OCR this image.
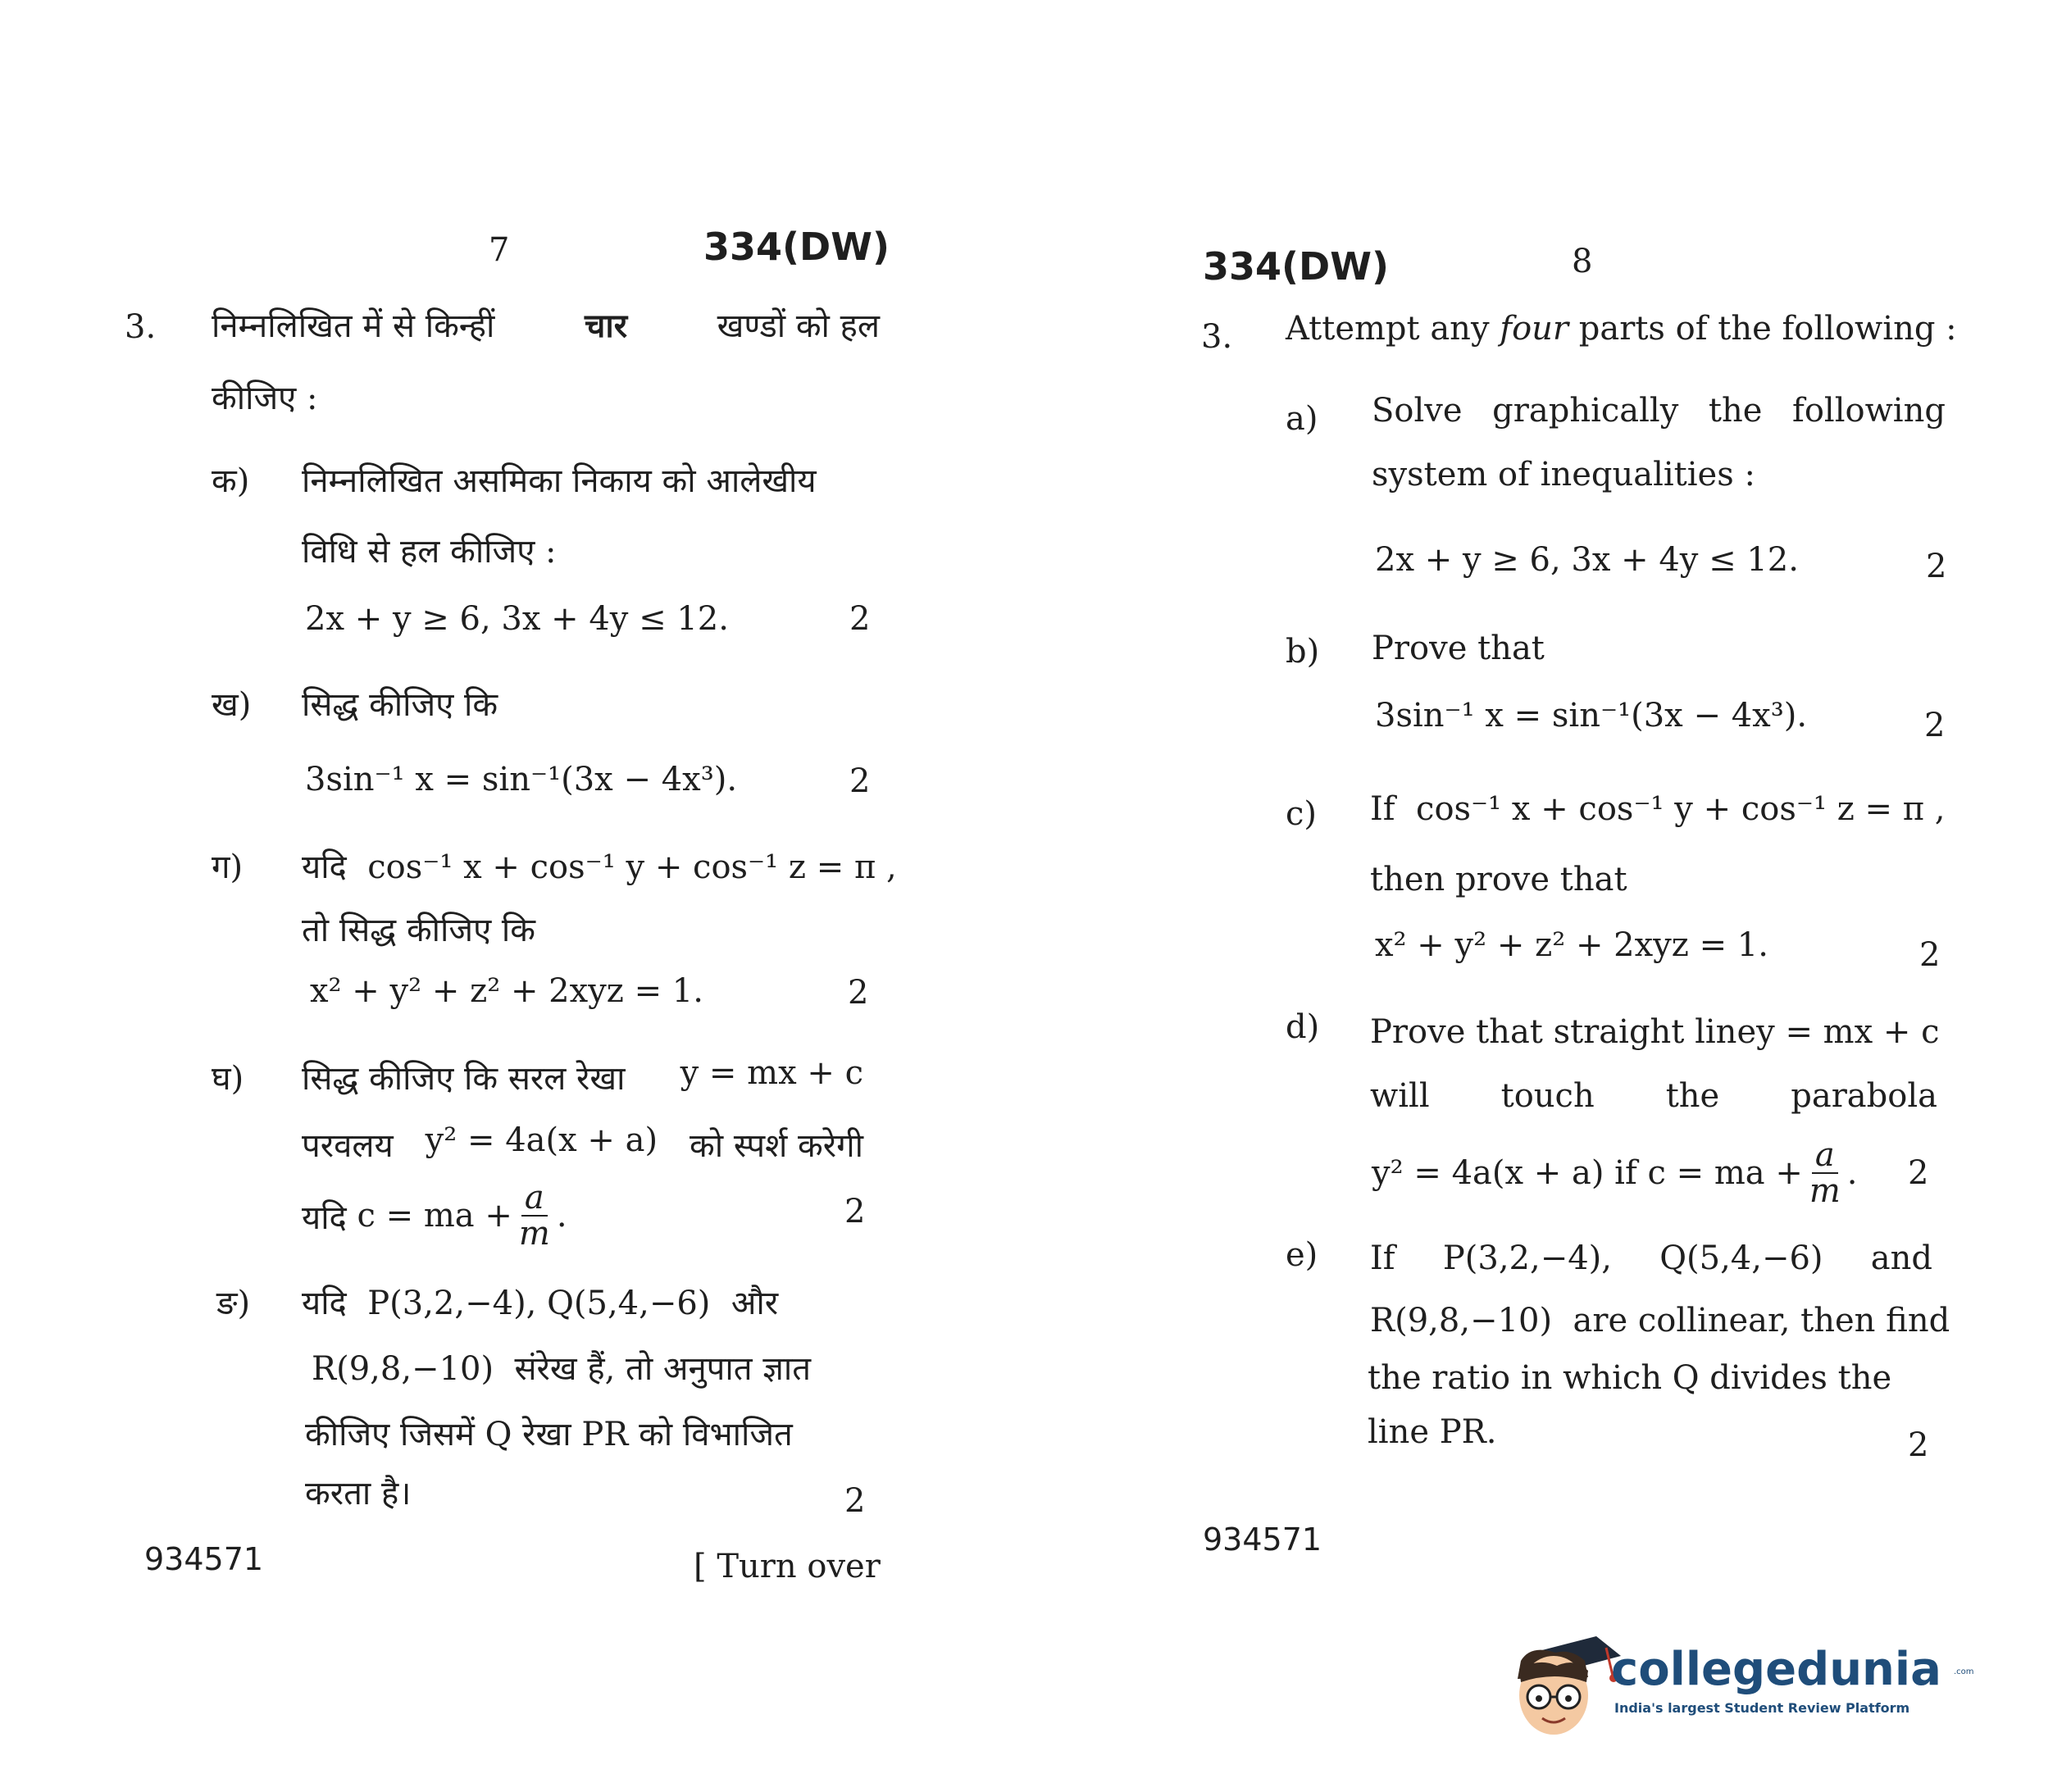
7	334(DW)
3. निम्नलिखित में से किन्हीं	चार	खण्डों को हल
कीजिए :
क) निम्नलिखित असमिका निकाय को आलेखीय
विधि से हल कीजिए :
2x + y ≥ 6, 3x + 4y ≤ 12.	2
ख) सिद्ध कीजिए कि
3sin⁻¹ x = sin⁻¹(3x − 4x³).	2
ग) यदि cos⁻¹ x + cos⁻¹ y + cos⁻¹ z = π ,
तो सिद्ध कीजिए कि
x² + y² + z² + 2xyz = 1.	2
घ) सिद्ध कीजिए कि सरल रेखा y = mx + c
परवलय y² = 4a(x + a) को स्पर्श करेगी
यदि
c = ma + $\frac{a}{m}$ .	2
ङ) यदि P(3,2,−4), Q(5,4,−6) और
R(9,8,−10) संरेख हैं, तो अनुपात ज्ञात
कीजिए जिसमें Q रेखा PR को विभाजित
करता है।	2
934571	[ Turn over
334(DW)	8
3. Attempt any four parts of the following :
a) Solve graphically the following
system of inequalities :
2x + y ≥ 6, 3x + 4y ≤ 12.	2
b) Prove that
3sin⁻¹ x = sin⁻¹(3x − 4x³).	2
c) If cos⁻¹ x + cos⁻¹ y + cos⁻¹ z = π ,
then prove that
x² + y² + z² + 2xyz = 1.	2
d) Prove that straight line y = mx + c
will touch the parabola
y² = 4a(x + a)
if
c = ma + $\frac{a}{m}$ . 2
e) If P(3,2,−4), Q(5,4,−6) and
R(9,8,−10) are collinear, then find
the ratio in which Q divides the
line PR.	2
934571
collegedunia .com
India's largest Student Review Platform
